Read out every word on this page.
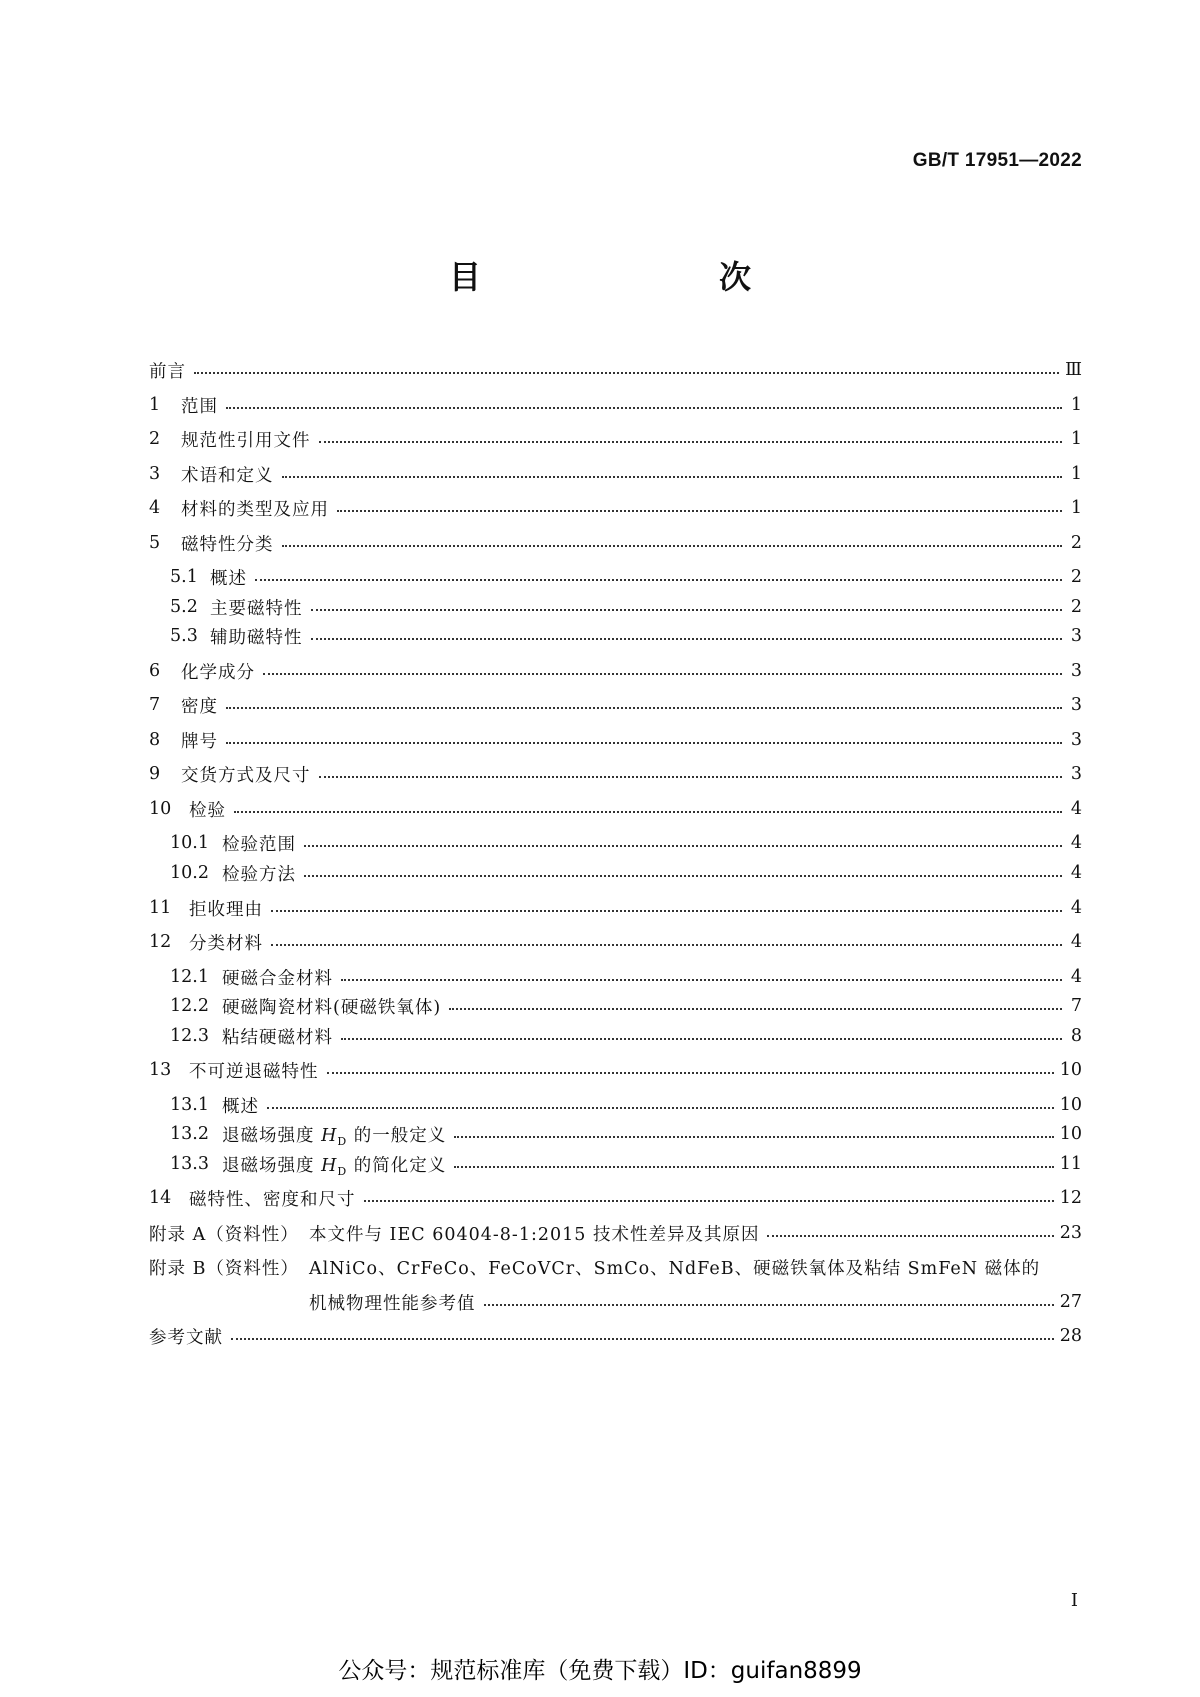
GB/T 17951—2022
目　　次
前言	Ⅲ
1	范围	1
2	规范性引用文件	1
3	术语和定义	1
4	材料的类型及应用	1
5	磁特性分类	2
5.1 概述	2
5.2 主要磁特性	2
5.3 辅助磁特性	3
6	化学成分	3
7	密度	3
8	牌号	3
9	交货方式及尺寸	3
10	检验	4
10.1 检验范围	4
10.2 检验方法	4
11	拒收理由	4
12	分类材料	4
12.1 硬磁合金材料	4
12.2 硬磁陶瓷材料(硬磁铁氧体)	7
12.3 粘结硬磁材料	8
13	不可逆退磁特性	10
13.1 概述	10
13.2 退磁场强度 $H_D$ 的一般定义	10
13.3 退磁场强度 $H_D$ 的简化定义	11
14	磁特性、密度和尺寸	12
附录 A（资料性） 本文件与 IEC 60404-8-1:2015 技术性差异及其原因	23
附录 B（资料性） AlNiCo、CrFeCo、FeCoVCr、SmCo、NdFeB、硬磁铁氧体及粘结 SmFeN 磁体的
机械物理性能参考值	27
参考文献	28
Ⅰ
公众号：规范标准库（免费下载）ID：guifan8899
